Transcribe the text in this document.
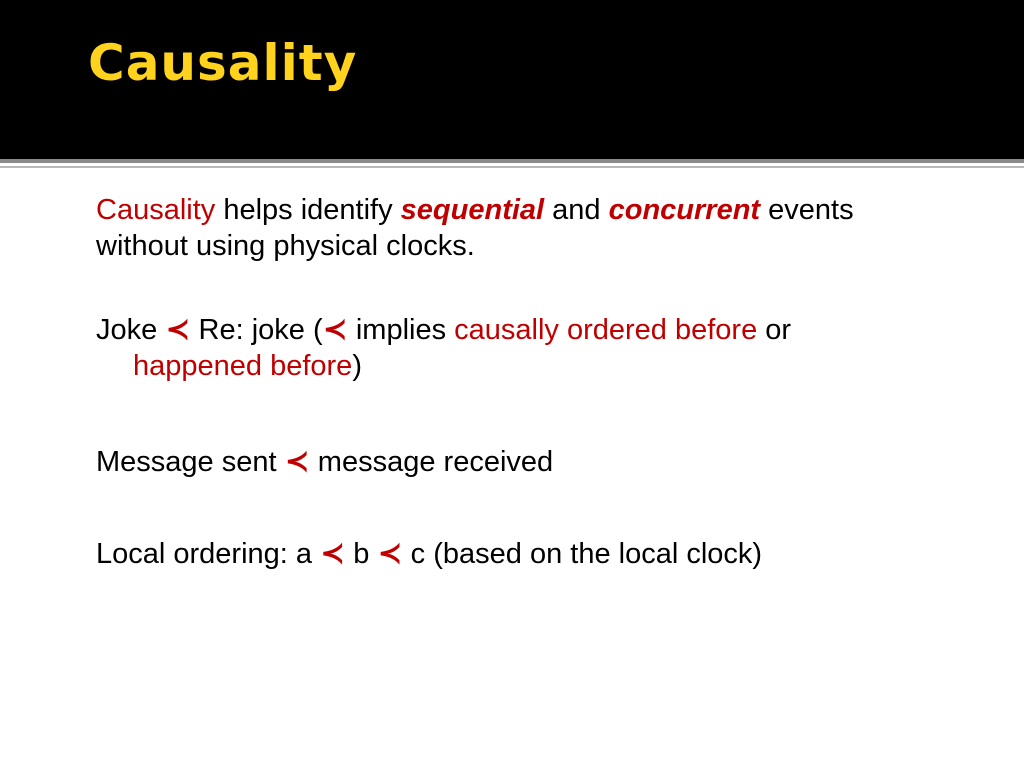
Causality

Causality helps identify sequential and concurrent events without using physical clocks.

Joke ≺ Re: joke (≺ implies causally ordered before or
happened before)

Message sent ≺ message received

Local ordering: a ≺ b ≺ c (based on the local clock)
